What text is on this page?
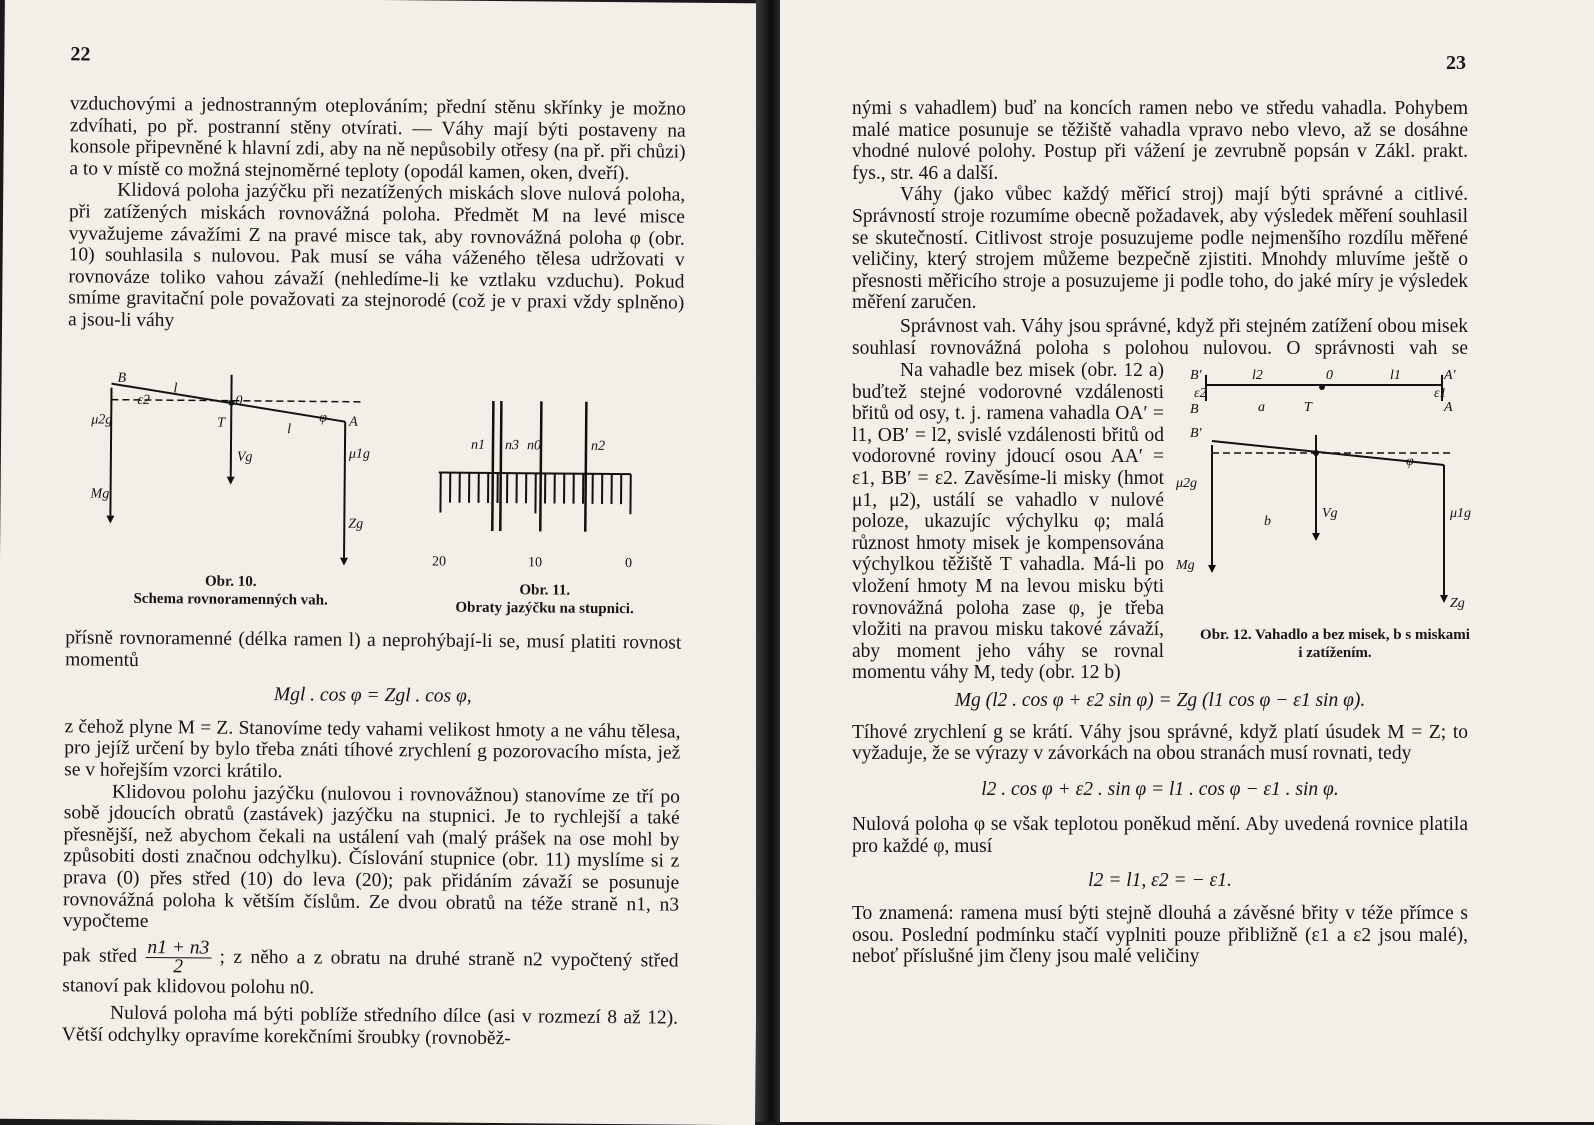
22

vzduchovými a jednostranným oteplováním; přední stěnu skřínky je možno zdvíhati, po př. postranní stěny otvírati. — Váhy mají býti postaveny na konsole připevněné k hlavní zdi, aby na ně nepůsobily otřesy (na př. při chůzi) a to v místě co možná stejnoměrné teploty (opodál kamen, oken, dveří).

Klidová poloha jazýčku při nezatížených miskách slove nulová poloha, při zatížených miskách rovnovážná poloha. Předmět M na levé misce vyvažujeme závažími Z na pravé misce tak, aby rovnovážná poloha φ (obr. 10) souhlasila s nulovou. Pak musí se váha váženého tělesa udržovati v rovnováze toliko vahou závaží (nehledíme-li ke vztlaku vzduchu). Pokud smíme gravitační pole považovati za stejnorodé (což je v praxi vždy splněno) a jsou-li váhy

B
ε2
l
0
T	l
φ A
μ2g
Vg	μ1g
Mg
Zg
Obr. 10.
Schema rovnoramenných vah.
n1 n3 n0	n2
20	10	0
Obr. 11.
Obraty jazýčku na stupnici.

přísně rovnoramenné (délka ramen l) a neprohýbají-li se, musí platiti rovnost momentů

Mgl . cos φ = Zgl . cos φ,

z čehož plyne M = Z. Stanovíme tedy vahami velikost hmoty a ne váhu tělesa, pro jejíž určení by bylo třeba znáti tíhové zrychlení g pozorovacího místa, jež se v hořejším vzorci krátilo.

Klidovou polohu jazýčku (nulovou i rovnovážnou) stanovíme ze tří po sobě jdoucích obratů (zastávek) jazýčku na stupnici. Je to rychlejší a také přesnější, než abychom čekali na ustálení vah (malý prášek na ose mohl by způsobiti dosti značnou odchylku). Číslování stupnice (obr. 11) myslíme si z prava (0) přes střed (10) do leva (20); pak přidáním závaží se posunuje rovnovážná poloha k větším číslům. Ze dvou obratů na téže straně n1, n3 vypočteme

pak střed $\frac{n1 + n3}{2}$ ; z něho a z obratu na druhé straně n2 vypočtený střed stanoví pak klidovou polohu n0.

Nulová poloha má býti poblíže středního dílce (asi v rozmezí 8 až 12). Větší odchylky opravíme korekčními šroubky (rovnoběž-

23

nými s vahadlem) buď na koncích ramen nebo ve středu vahadla. Pohybem malé matice posunuje se těžiště vahadla vpravo nebo vlevo, až se dosáhne vhodné nulové polohy. Postup při vážení je zevrubně popsán v Zákl. prakt. fys., str. 46 a další.

Váhy (jako vůbec každý měřicí stroj) mají býti správné a citlivé. Správností stroje rozumíme obecně požadavek, aby výsledek měření souhlasil se skutečností. Citlivost stroje posuzujeme podle nejmenšího rozdílu měřené veličiny, který strojem můžeme bezpečně zjistiti. Mnohdy mluvíme ještě o přesnosti měřicího stroje a posuzujeme ji podle toho, do jaké míry je výsledek měření zaručen.

Správnost vah. Váhy jsou správné, když při stejném zatížení obou misek souhlasí rovnovážná poloha s polohou nulovou. O správnosti vah se

Na vahadle bez misek (obr. 12 a) buďtež stejné vodorovné vzdálenosti břitů od osy, t. j. ramena vahadla OA′ = l1, OB′ = l2, svislé vzdálenosti břitů od vodorovné roviny jdoucí osou AA′ = ε1, BB′ = ε2. Zavěsíme-li misky (hmot μ1, μ2), ustálí se vahadlo v nulové poloze, ukazujíc výchylku φ; malá různost hmoty misek je kompensována výchylkou těžiště T vahadla. Má-li po vložení hmoty M na levou misku býti rovnovážná poloha zase φ, je třeba vložiti na pravou misku takové závaží, aby moment jeho váhy se rovnal momentu váhy M, tedy (obr. 12 b)

B′	l2	0	l1	A′
ε2	ε1
B	a	T	A
B′
μ2g
b
Vg	μ1g
Mg
Zg
φ
Obr. 12. Vahadlo a bez misek, b s miskami i zatížením.

Mg (l2 . cos φ + ε2 sin φ) = Zg (l1 cos φ − ε1 sin φ).

Tíhové zrychlení g se krátí. Váhy jsou správné, když platí úsudek M = Z; to vyžaduje, že se výrazy v závorkách na obou stranách musí rovnati, tedy

l2 . cos φ + ε2 . sin φ = l1 . cos φ − ε1 . sin φ.

Nulová poloha φ se však teplotou poněkud mění. Aby uvedená rovnice platila pro každé φ, musí

l2 = l1, ε2 = − ε1.

To znamená: ramena musí býti stejně dlouhá a závěsné břity v téže přímce s osou. Poslední podmínku stačí vyplniti pouze přibližně (ε1 a ε2 jsou malé), neboť příslušné jim členy jsou malé veličiny
